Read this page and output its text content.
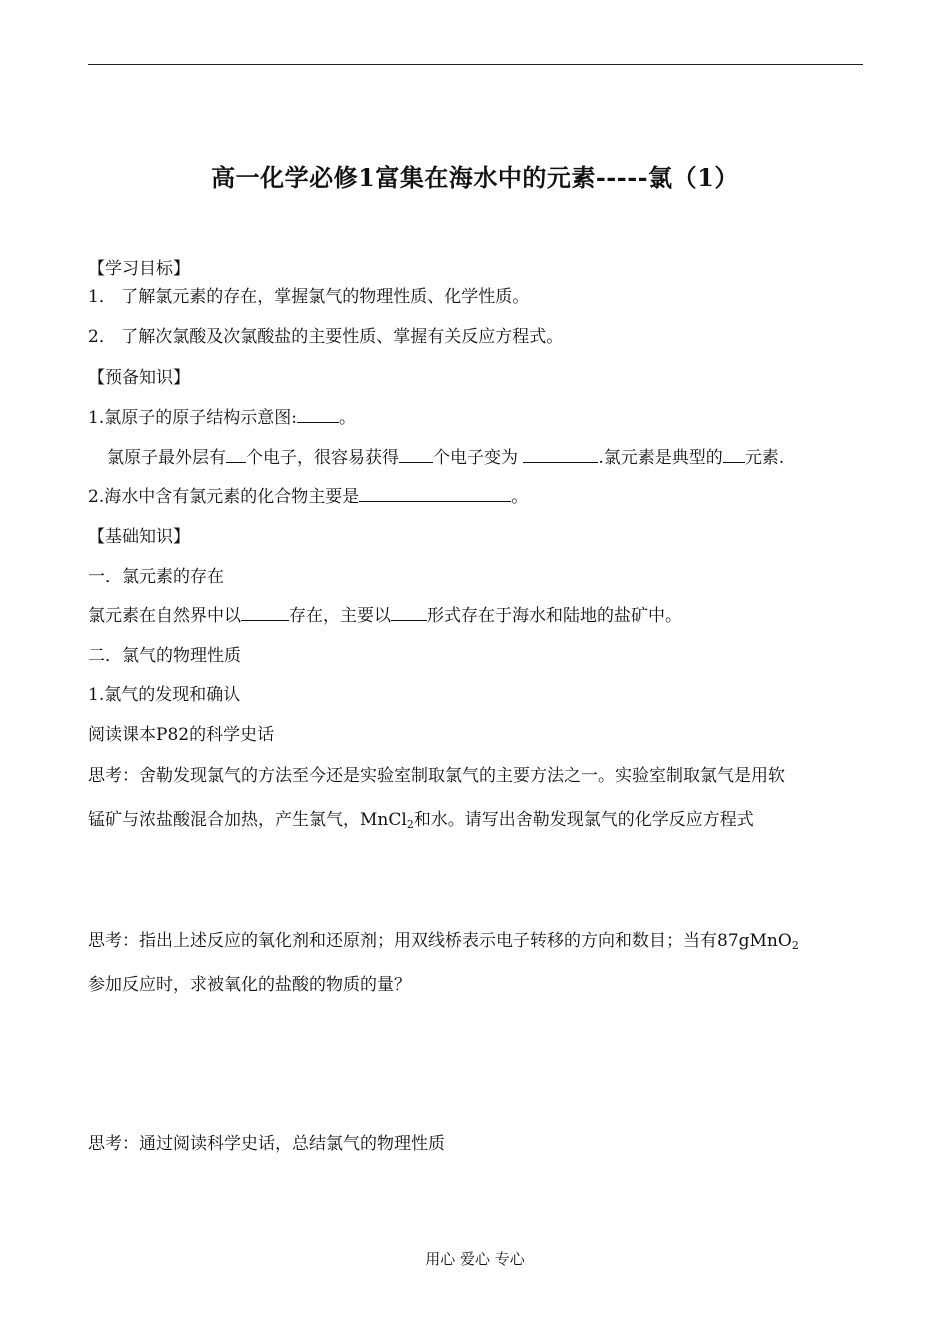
高一化学必修1富集在海水中的元素-----氯（1）
【学习目标】
1． 了解氯元素的存在，掌握氯气的物理性质、化学性质。
2． 了解次氯酸及次氯酸盐的主要性质、掌握有关反应方程式。
【预备知识】
1.氯原子的原子结构示意图: 。
氯原子最外层有 个电子，很容易获得 个电子变为	.氯元素是典型的 元素.
2.海水中含有氯元素的化合物主要是	。
【基础知识】
一．氯元素的存在
氯元素在自然界中以	存在，主要以 形式存在于海水和陆地的盐矿中。
二．氯气的物理性质
1.氯气的发现和确认
阅读课本P82的科学史话
思考：舍勒发现氯气的方法至今还是实验室制取氯气的主要方法之一。实验室制取氯气是用软
锰矿与浓盐酸混合加热，产生氯气，MnCl$_2$和水。请写出舍勒发现氯气的化学反应方程式
思考：指出上述反应的氧化剂和还原剂；用双线桥表示电子转移的方向和数目；当有87gMnO$_2$
参加反应时，求被氧化的盐酸的物质的量？
思考：通过阅读科学史话，总结氯气的物理性质
用心 爱心 专心
